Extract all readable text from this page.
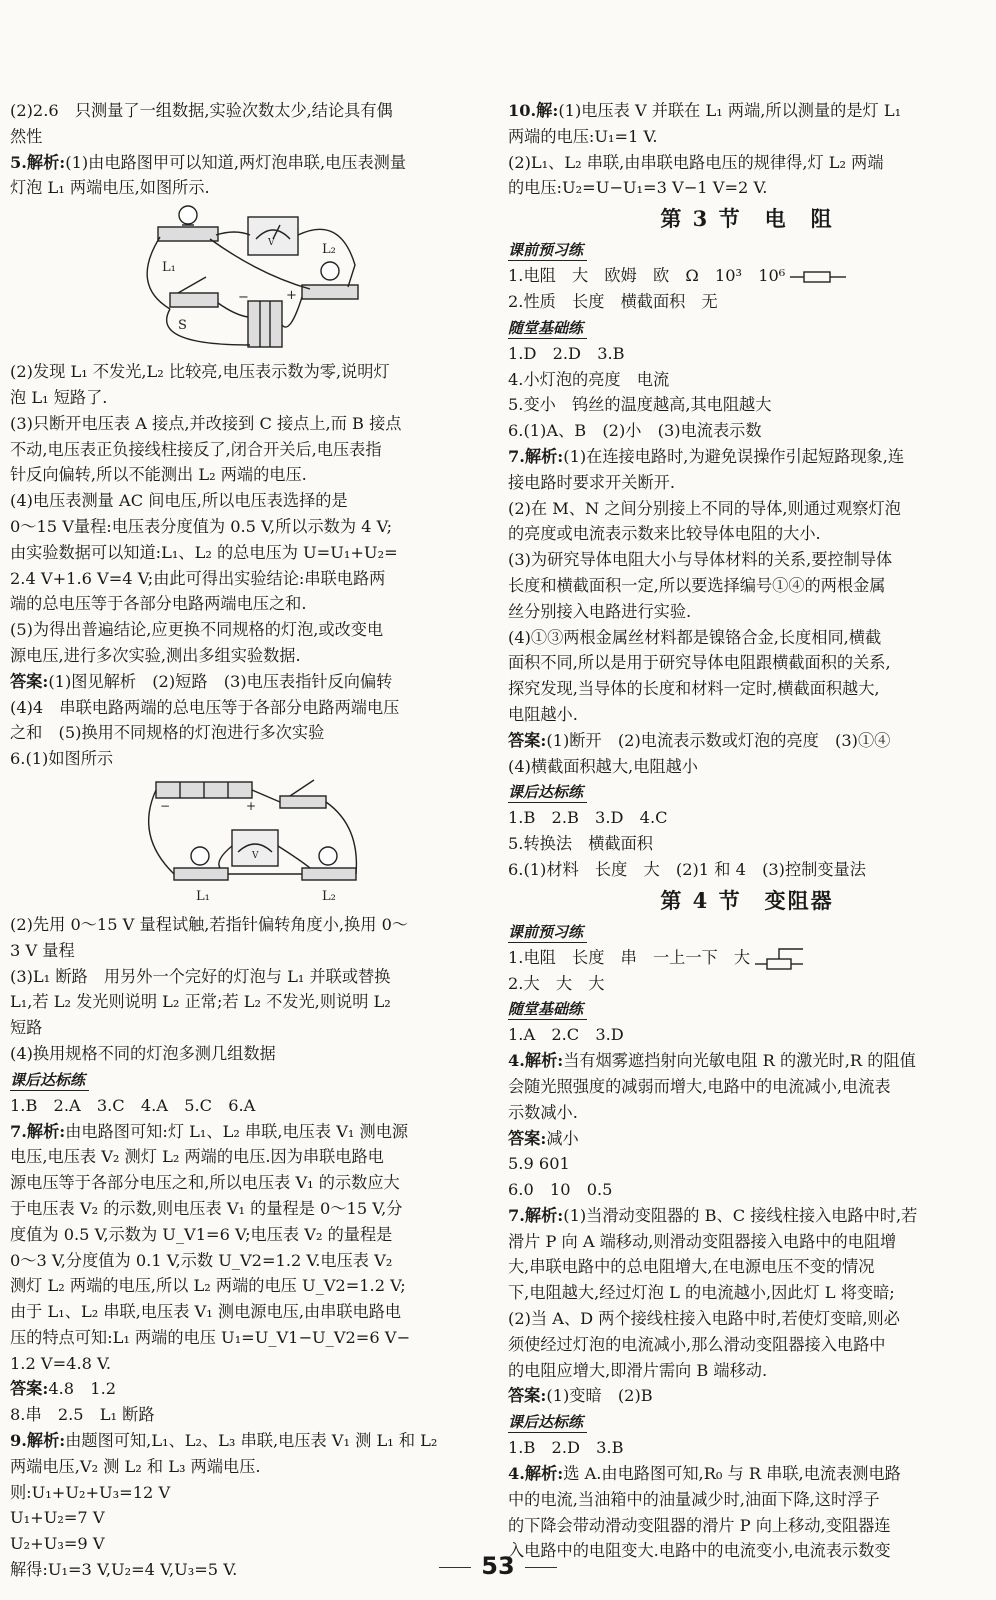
(2)2.6　只测量了一组数据,实验次数太少,结论具有偶
然性
5.解析:(1)由电路图甲可以知道,两灯泡串联,电压表测量
灯泡 L₁ 两端电压,如图所示.
L₁
L₂
S
−	+
V
(2)发现 L₁ 不发光,L₂ 比较亮,电压表示数为零,说明灯
泡 L₁ 短路了.
(3)只断开电压表 A 接点,并改接到 C 接点上,而 B 接点
不动,电压表正负接线柱接反了,闭合开关后,电压表指
针反向偏转,所以不能测出 L₂ 两端的电压.
(4)电压表测量 AC 间电压,所以电压表选择的是
0～15 V量程:电压表分度值为 0.5 V,所以示数为 4 V;
由实验数据可以知道:L₁、L₂ 的总电压为 U=U₁+U₂=
2.4 V+1.6 V=4 V;由此可得出实验结论:串联电路两
端的总电压等于各部分电路两端电压之和.
(5)为得出普遍结论,应更换不同规格的灯泡,或改变电
源电压,进行多次实验,测出多组实验数据.
答案:(1)图见解析　(2)短路　(3)电压表指针反向偏转
(4)4　串联电路两端的总电压等于各部分电路两端电压
之和　(5)换用不同规格的灯泡进行多次实验
6.(1)如图所示
L₁	L₂
−	+
V
(2)先用 0～15 V 量程试触,若指针偏转角度小,换用 0～
3 V 量程
(3)L₁ 断路　用另外一个完好的灯泡与 L₁ 并联或替换
L₁,若 L₂ 发光则说明 L₂ 正常;若 L₂ 不发光,则说明 L₂
短路
(4)换用规格不同的灯泡多测几组数据
课后达标练
1.B　2.A　3.C　4.A　5.C　6.A
7.解析:由电路图可知:灯 L₁、L₂ 串联,电压表 V₁ 测电源
电压,电压表 V₂ 测灯 L₂ 两端的电压.因为串联电路电
源电压等于各部分电压之和,所以电压表 V₁ 的示数应大
于电压表 V₂ 的示数,则电压表 V₁ 的量程是 0～15 V,分
度值为 0.5 V,示数为 U_V1=6 V;电压表 V₂ 的量程是
0～3 V,分度值为 0.1 V,示数 U_V2=1.2 V.电压表 V₂
测灯 L₂ 两端的电压,所以 L₂ 两端的电压 U_V2=1.2 V;
由于 L₁、L₂ 串联,电压表 V₁ 测电源电压,由串联电路电
压的特点可知:L₁ 两端的电压 U₁=U_V1−U_V2=6 V−
1.2 V=4.8 V.
答案:4.8　1.2
8.串　2.5　L₁ 断路
9.解析:由题图可知,L₁、L₂、L₃ 串联,电压表 V₁ 测 L₁ 和 L₂
两端电压,V₂ 测 L₂ 和 L₃ 两端电压.
则:U₁+U₂+U₃=12 V
U₁+U₂=7 V
U₂+U₃=9 V
解得:U₁=3 V,U₂=4 V,U₃=5 V.
10.解:(1)电压表 V 并联在 L₁ 两端,所以测量的是灯 L₁
两端的电压:U₁=1 V.
(2)L₁、L₂ 串联,由串联电路电压的规律得,灯 L₂ 两端
的电压:U₂=U−U₁=3 V−1 V=2 V.
第 3 节　电　阻
课前预习练
1.电阻　大　欧姆　欧　Ω　10³　10⁶
2.性质　长度　横截面积　无
随堂基础练
1.D　2.D　3.B
4.小灯泡的亮度　电流
5.变小　钨丝的温度越高,其电阻越大
6.(1)A、B　(2)小　(3)电流表示数
7.解析:(1)在连接电路时,为避免误操作引起短路现象,连
接电路时要求开关断开.
(2)在 M、N 之间分别接上不同的导体,则通过观察灯泡
的亮度或电流表示数来比较导体电阻的大小.
(3)为研究导体电阻大小与导体材料的关系,要控制导体
长度和横截面积一定,所以要选择编号①④的两根金属
丝分别接入电路进行实验.
(4)①③两根金属丝材料都是镍铬合金,长度相同,横截
面积不同,所以是用于研究导体电阻跟横截面积的关系,
探究发现,当导体的长度和材料一定时,横截面积越大,
电阻越小.
答案:(1)断开　(2)电流表示数或灯泡的亮度　(3)①④
(4)横截面积越大,电阻越小
课后达标练
1.B　2.B　3.D　4.C
5.转换法　横截面积
6.(1)材料　长度　大　(2)1 和 4　(3)控制变量法
第 4 节　变阻器
课前预习练
1.电阻　长度　串　一上一下　大
2.大　大　大
随堂基础练
1.A　2.C　3.D
4.解析:当有烟雾遮挡射向光敏电阻 R 的激光时,R 的阻值
会随光照强度的减弱而增大,电路中的电流减小,电流表
示数减小.
答案:减小
5.9 601
6.0　10　0.5
7.解析:(1)当滑动变阻器的 B、C 接线柱接入电路中时,若
滑片 P 向 A 端移动,则滑动变阻器接入电路中的电阻增
大,串联电路中的总电阻增大,在电源电压不变的情况
下,电阻越大,经过灯泡 L 的电流越小,因此灯 L 将变暗;
(2)当 A、D 两个接线柱接入电路中时,若使灯变暗,则必
须使经过灯泡的电流减小,那么滑动变阻器接入电路中
的电阻应增大,即滑片需向 B 端移动.
答案:(1)变暗　(2)B
课后达标练
1.B　2.D　3.B
4.解析:选 A.由电路图可知,R₀ 与 R 串联,电流表测电路
中的电流,当油箱中的油量减少时,油面下降,这时浮子
的下降会带动滑动变阻器的滑片 P 向上移动,变阻器连
入电路中的电阻变大.电路中的电流变小,电流表示数变
53
